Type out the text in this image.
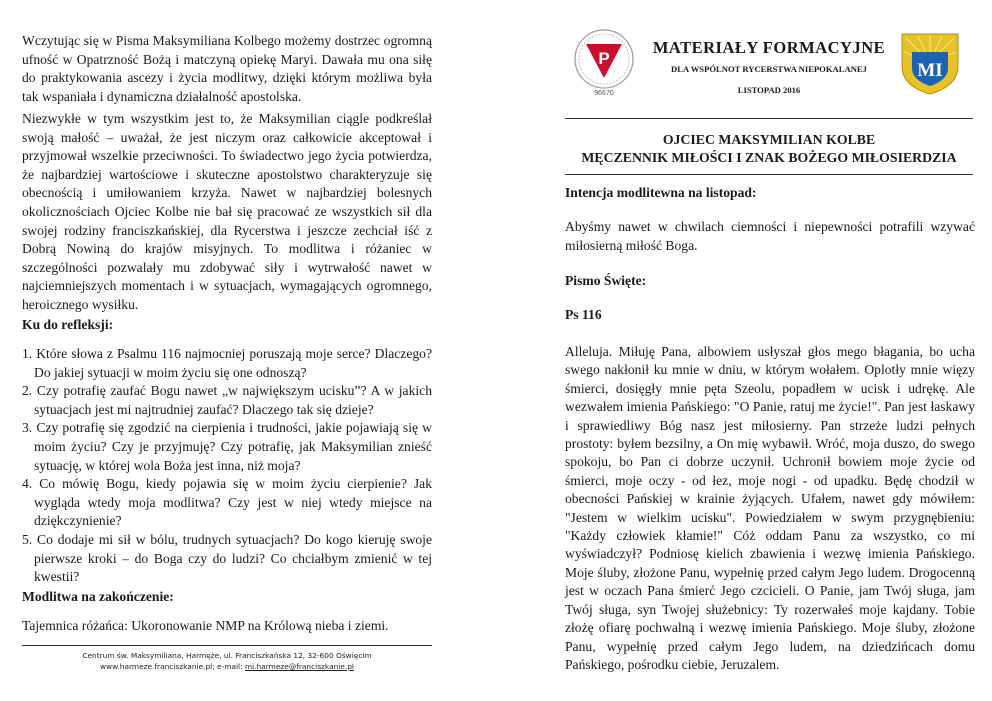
Wczytując się w Pisma Maksymiliana Kolbego możemy dostrzec ogromną ufność w Opatrzność Bożą i matczyną opiekę Maryi. Dawała mu ona siłę do praktykowania ascezy i życia modlitwy, dzięki którym możliwa była tak wspaniała i dynamiczna działalność apostolska.

Niezwykłe w tym wszystkim jest to, że Maksymilian ciągle podkreślał swoją małość – uważał, że jest niczym oraz całkowicie akceptował i przyjmował wszelkie przeciwności. To świadectwo jego życia potwierdza, że najbardziej wartościowe i skuteczne apostolstwo charakteryzuje się obecnością i umiłowaniem krzyża. Nawet w najbardziej bolesnych okolicznościach Ojciec Kolbe nie bał się pracować ze wszystkich sił dla swojej rodziny franciszkańskiej, dla Rycerstwa i jeszcze zechciał iść z Dobrą Nowiną do krajów misyjnych. To modlitwa i różaniec w szczególności pozwalały mu zdobywać siły i wytrwałość nawet w najciemniejszych momentach i w sytuacjach, wymagających ogromnego, heroicznego wysiłku.

Ku do refleksji:

1. Które słowa z Psalmu 116 najmocniej poruszają moje serce? Dlaczego? Do jakiej sytuacji w moim życiu się one odnoszą?
2. Czy potrafię zaufać Bogu nawet „w największym ucisku”? A w jakich sytuacjach jest mi najtrudniej zaufać? Dlaczego tak się dzieje?
3. Czy potrafię się zgodzić na cierpienia i trudności, jakie pojawiają się w moim życiu? Czy je przyjmuję? Czy potrafię, jak Maksymilian znieść sytuację, w której wola Boża jest inna, niż moja?
4. Co mówię Bogu, kiedy pojawia się w moim życiu cierpienie? Jak wygląda wtedy moja modlitwa? Czy jest w niej wtedy miejsce na dziękczynienie?
5. Co dodaje mi sił w bólu, trudnych sytuacjach? Do kogo kieruję swoje pierwsze kroki – do Boga czy do ludzi? Co chciałbym zmienić w tej kwestii?

Modlitwa na zakończenie:

Tajemnica różańca: Ukoronowanie NMP na Królową nieba i ziemi.

Centrum św. Maksymiliana, Harmęże, ul. Franciszkańska 12, 32-600 Oświęcim
www.harmeze.franciszkanie.pl; e-mail: mi.harmeze@franciszkanie.pl
P
96670
MATERIAŁY FORMACYJNE
DLA WSPÓLNOT RYCERSTWA NIEPOKALANEJ
LISTOPAD 2016
MI
OJCIEC MAKSYMILIAN KOLBE
MĘCZENNIK MIŁOŚCI I ZNAK BOŻEGO MIŁOSIERDZIA

Intencja modlitewna na listopad:

Abyśmy nawet w chwilach ciemności i niepewności potrafili wzywać miłosierną miłość Boga.

Pismo Święte:

Ps 116

Alleluja. Miłuję Pana, albowiem usłyszał głos mego błagania, bo ucha swego nakłonił ku mnie w dniu, w którym wołałem. Oplotły mnie więzy śmierci, dosięgły mnie pęta Szeolu, popadłem w ucisk i udrękę. Ale wezwałem imienia Pańskiego: "O Panie, ratuj me życie!". Pan jest łaskawy i sprawiedliwy Bóg nasz jest miłosierny. Pan strzeże ludzi pełnych prostoty: byłem bezsilny, a On mię wybawił. Wróć, moja duszo, do swego spokoju, bo Pan ci dobrze uczynił. Uchronił bowiem moje życie od śmierci, moje oczy - od łez, moje nogi - od upadku. Będę chodził w obecności Pańskiej w krainie żyjących. Ufałem, nawet gdy mówiłem: "Jestem w wielkim ucisku". Powiedziałem w swym przygnębieniu: "Każdy człowiek kłamie!" Cóż oddam Panu za wszystko, co mi wyświadczył? Podniosę kielich zbawienia i wezwę imienia Pańskiego. Moje śluby, złożone Panu, wypełnię przed całym Jego ludem. Drogocenną jest w oczach Pana śmierć Jego czcicieli. O Panie, jam Twój sługa, jam Twój sługa, syn Twojej służebnicy: Ty rozerwałeś moje kajdany. Tobie złożę ofiarę pochwalną i wezwę imienia Pańskiego. Moje śluby, złożone Panu, wypełnię przed całym Jego ludem, na dziedzińcach domu Pańskiego, pośrodku ciebie, Jeruzalem.
